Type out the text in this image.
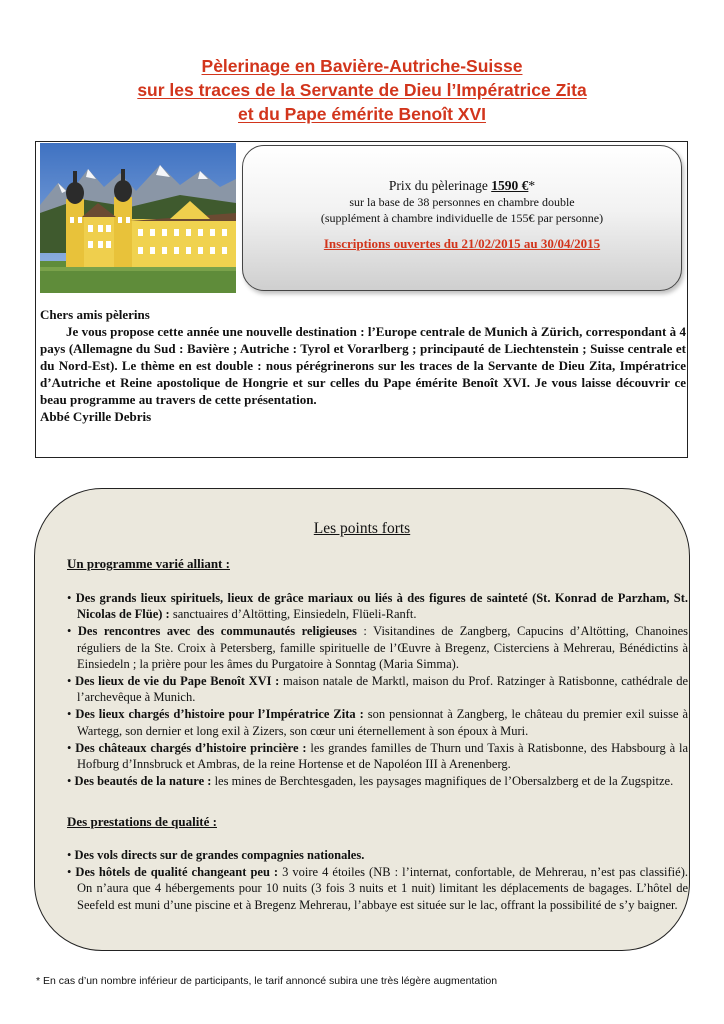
Pèlerinage en Bavière-Autriche-Suisse
sur les traces de la Servante de Dieu l’Impératrice Zita
et du Pape émérite Benoît XVI
Prix du pèlerinage 1590 €*
sur la base de 38 personnes en chambre double
(supplément à chambre individuelle de 155€ par personne)
Inscriptions ouvertes du 21/02/2015 au 30/04/2015

Chers amis pèlerins

Je vous propose cette année une nouvelle destination : l’Europe centrale de Munich à Zürich, correspondant à 4 pays (Allemagne du Sud : Bavière ; Autriche : Tyrol et Vorarlberg ; principauté de Liechtenstein ; Suisse centrale et du Nord-Est). Le thème en est double : nous pérégrinerons sur les traces de la Servante de Dieu Zita, Impératrice d’Autriche et Reine apostolique de Hongrie et sur celles du Pape émérite Benoît XVI. Je vous laisse découvrir ce beau programme au travers de cette présentation.

Abbé Cyrille Debris

Les points forts
Un programme varié alliant :
• Des grands lieux spirituels, lieux de grâce mariaux ou liés à des figures de sainteté (St. Konrad de Parzham, St. Nicolas de Flüe) : sanctuaires d’Altötting, Einsiedeln, Flüeli-Ranft.
• Des rencontres avec des communautés religieuses : Visitandines de Zangberg, Capucins d’Altötting, Chanoines réguliers de la Ste. Croix à Petersberg, famille spirituelle de l’Œuvre à Bregenz, Cisterciens à Mehrerau, Bénédictins à Einsiedeln ; la prière pour les âmes du Purgatoire à Sonntag (Maria Simma).
• Des lieux de vie du Pape Benoît XVI : maison natale de Marktl, maison du Prof. Ratzinger à Ratisbonne, cathédrale de l’archevêque à Munich.
• Des lieux chargés d’histoire pour l’Impératrice Zita : son pensionnat à Zangberg, le château du premier exil suisse à Wartegg, son dernier et long exil à Zizers, son cœur uni éternellement à son époux à Muri.
• Des châteaux chargés d’histoire princière : les grandes familles de Thurn und Taxis à Ratisbonne, des Habsbourg à la Hofburg d’Innsbruck et Ambras, de la reine Hortense et de Napoléon III à Arenenberg.
• Des beautés de la nature : les mines de Berchtesgaden, les paysages magnifiques de l’Obersalzberg et de la Zugspitze.
Des prestations de qualité :
• Des vols directs sur de grandes compagnies nationales.
• Des hôtels de qualité changeant peu : 3 voire 4 étoiles (NB : l’internat, confortable, de Mehrerau, n’est pas classifié). On n’aura que 4 hébergements pour 10 nuits (3 fois 3 nuits et 1 nuit) limitant les déplacements de bagages. L’hôtel de Seefeld est muni d’une piscine et à Bregenz Mehrerau, l’abbaye est située sur le lac, offrant la possibilité de s’y baigner.
* En cas d’un nombre inférieur de participants, le tarif annoncé subira une très légère augmentation
